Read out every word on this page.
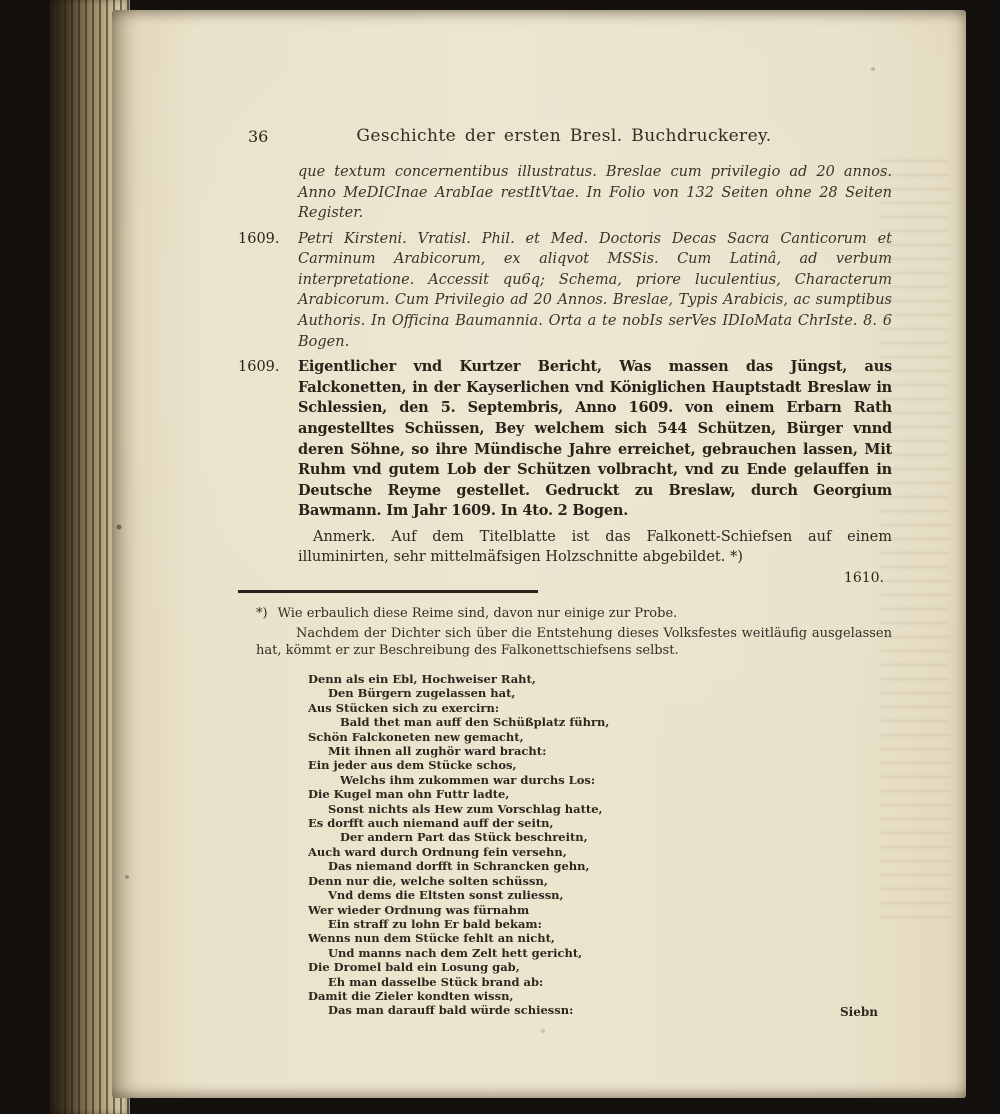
36	Geschichte der ersten Bresl. Buchdruckerey.
que textum concernentibus illustratus. Breslae cum privilegio ad 20 annos. Anno MeDICInae ArabIae restItVtae. In Folio von 132 Seiten ohne 28 Seiten Register.
1609. Petri Kirsteni. Vratisl. Phil. et Med. Doctoris Decas Sacra Canticorum et Carminum Arabicorum, ex aliqvot MSSis. Cum Latinâ, ad verbum interpretatione. Accessit qu6q; Schema, priore luculentius, Characterum Arabicorum. Cum Privilegio ad 20 Annos. Breslae, Typis Arabicis, ac sumptibus Authoris. In Officina Baumannia. Orta a te nobIs serVes IDIoMata ChrIste. 8. 6 Bogen.
1609. Eigentlicher vnd Kurtzer Bericht, Was massen das Jüngst, aus Falckonetten, in der Kayserlichen vnd Königlichen Hauptstadt Breslaw in Schlessien, den 5. Septembris, Anno 1609. von einem Erbarn Rath angestelltes Schüssen, Bey welchem sich 544 Schützen, Bürger vnnd deren Söhne, so ihre Mündische Jahre erreichet, gebrauchen lassen, Mit Ruhm vnd gutem Lob der Schützen volbracht, vnd zu Ende gelauffen in Deutsche Reyme gestellet. Gedruckt zu Breslaw, durch Georgium Bawmann. Im Jahr 1609. In 4to. 2 Bogen.

Anmerk. Auf dem Titelblatte ist das Falkonett-Schiefsen auf einem illuminirten, sehr mittelmäfsigen Holzschnitte abgebildet. *)

1610.
*) Wie erbaulich diese Reime sind, davon nur einige zur Probe.
Nachdem der Dichter sich über die Entstehung dieses Volksfestes weitläufig ausgelassen hat, kömmt er zur Beschreibung des Falkonettschiefsens selbst.
Denn als ein Ebl, Hochweiser Raht,
Den Bürgern zugelassen hat,
Aus Stücken sich zu exercirn:
Bald thet man auff den Schüßplatz führn,
Schön Falckoneten new gemacht,
Mit ihnen all zughör ward bracht:
Ein jeder aus dem Stücke schos,
Welchs ihm zukommen war durchs Los:
Die Kugel man ohn Futtr ladte,
Sonst nichts als Hew zum Vorschlag hatte,
Es dorfft auch niemand auff der seitn,
Der andern Part das Stück beschreitn,
Auch ward durch Ordnung fein versehn,
Das niemand dorfft in Schrancken gehn,
Denn nur die, welche solten schüssn,
Vnd dems die Eltsten sonst zuliessn,
Wer wieder Ordnung was fürnahm
Ein straff zu lohn Er bald bekam:
Wenns nun dem Stücke fehlt an nicht,
Und manns nach dem Zelt hett gericht,
Die Dromel bald ein Losung gab,
Eh man dasselbe Stück brand ab:
Damit die Zieler kondten wissn,
Das man darauff bald würde schiessn:	Siebn
